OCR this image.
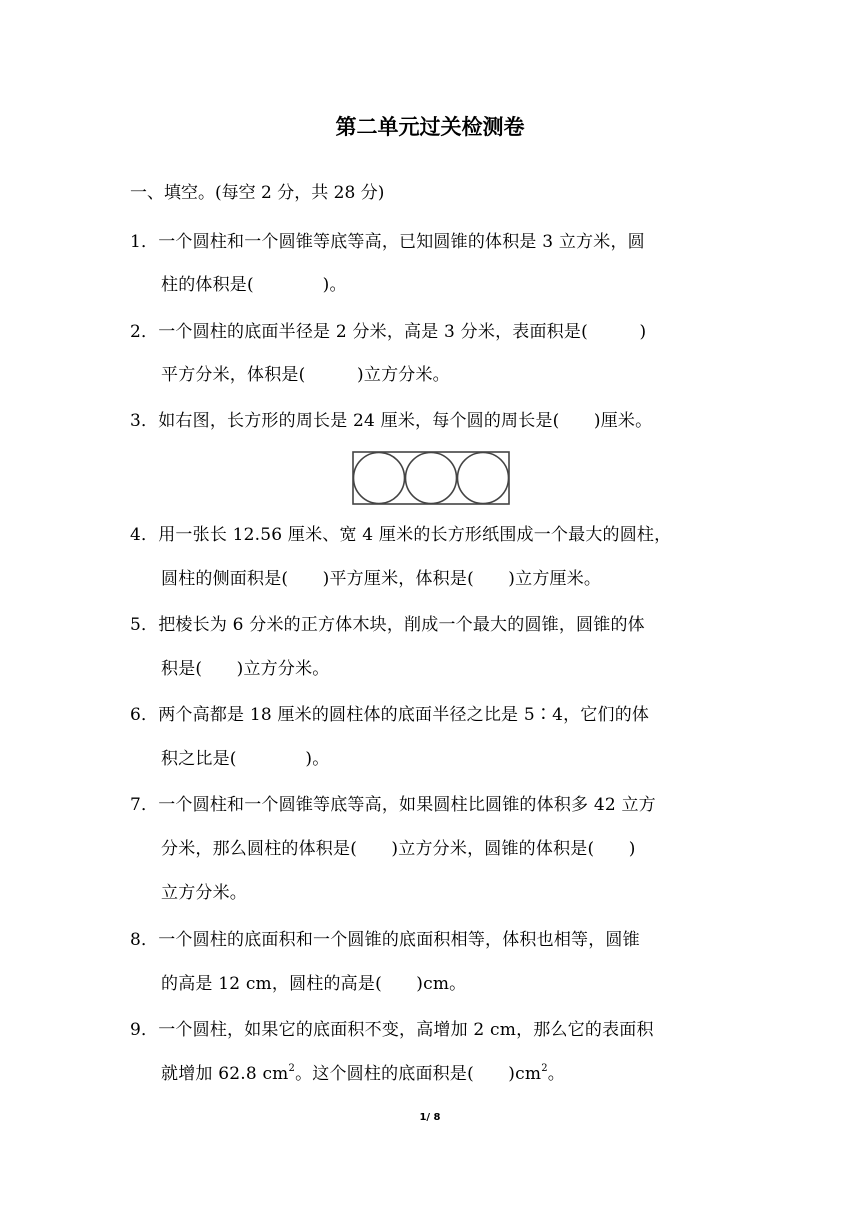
第二单元过关检测卷
一、填空。(每空 2 分，共 28 分)
1．一个圆柱和一个圆锥等底等高，已知圆锥的体积是 3 立方米，圆
柱的体积是(　　　　)。
2．一个圆柱的底面半径是 2 分米，高是 3 分米，表面积是(　　　)
平方分米，体积是(　　　)立方分米。
3．如右图，长方形的周长是 24 厘米，每个圆的周长是(　　)厘米。
4．用一张长 12.56 厘米、宽 4 厘米的长方形纸围成一个最大的圆柱，
圆柱的侧面积是(　　)平方厘米，体积是(　　)立方厘米。
5．把棱长为 6 分米的正方体木块，削成一个最大的圆锥，圆锥的体
积是(　　)立方分米。
6．两个高都是 18 厘米的圆柱体的底面半径之比是 5∶4，它们的体
积之比是(　　　　)。
7．一个圆柱和一个圆锥等底等高，如果圆柱比圆锥的体积多 42 立方
分米，那么圆柱的体积是(　　)立方分米，圆锥的体积是(　　)
立方分米。
8．一个圆柱的底面积和一个圆锥的底面积相等，体积也相等，圆锥
的高是 12 cm，圆柱的高是(　　)cm。
9．一个圆柱，如果它的底面积不变，高增加 2 cm，那么它的表面积
就增加 62.8 $cm^2$。这个圆柱的底面积是(　　)$cm^2$。
1/ 8
